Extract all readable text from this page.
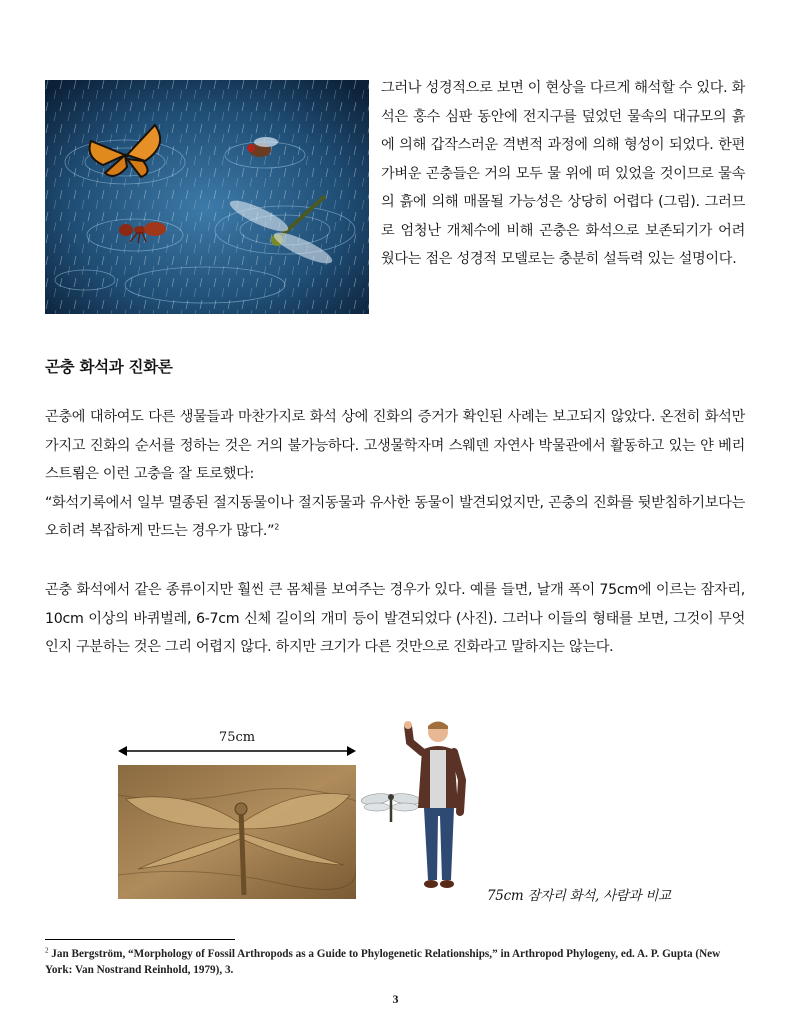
그러나 성경적으로 보면 이 현상을 다르게 해석할 수 있다. 화석은 홍수 심판 동안에 전지구를 덮었던 물속의 대규모의 흙에 의해 갑작스러운 격변적 과정에 의해 형성이 되었다. 한편 가벼운 곤충들은 거의 모두 물 위에 떠 있었을 것이므로 물속의 흙에 의해 매몰될 가능성은 상당히 어렵다 (그림). 그러므로 엄청난 개체수에 비해 곤충은 화석으로 보존되기가 어려웠다는 점은 성경적 모델로는 충분히 설득력 있는 설명이다.
곤충 화석과 진화론
곤충에 대하여도 다른 생물들과 마찬가지로 화석 상에 진화의 증거가 확인된 사례는 보고되지 않았다. 온전히 화석만 가지고 진화의 순서를 정하는 것은 거의 불가능하다. 고생물학자며 스웨덴 자연사 박물관에서 활동하고 있는 얀 베리스트룀은 이런 고충을 잘 토로했다:
“화석기록에서 일부 멸종된 절지동물이나 절지동물과 유사한 동물이 발견되었지만, 곤충의 진화를 뒷받침하기보다는 오히려 복잡하게 만드는 경우가 많다.”$^2$
곤충 화석에서 같은 종류이지만 훨씬 큰 몸체를 보여주는 경우가 있다. 예를 들면, 날개 폭이 75cm에 이르는 잠자리, 10cm 이상의 바퀴벌레, 6-7cm 신체 길이의 개미 등이 발견되었다 (사진). 그러나 이들의 형태를 보면, 그것이 무엇인지 구분하는 것은 그리 어렵지 않다. 하지만 크기가 다른 것만으로 진화라고 말하지는 않는다.
75cm
75cm 잠자리 화석, 사람과 비교
$^2$ Jan Bergström, “Morphology of Fossil Arthropods as a Guide to Phylogenetic Relationships,” in Arthropod Phylogeny, ed. A. P. Gupta (New York: Van Nostrand Reinhold, 1979), 3.
3
